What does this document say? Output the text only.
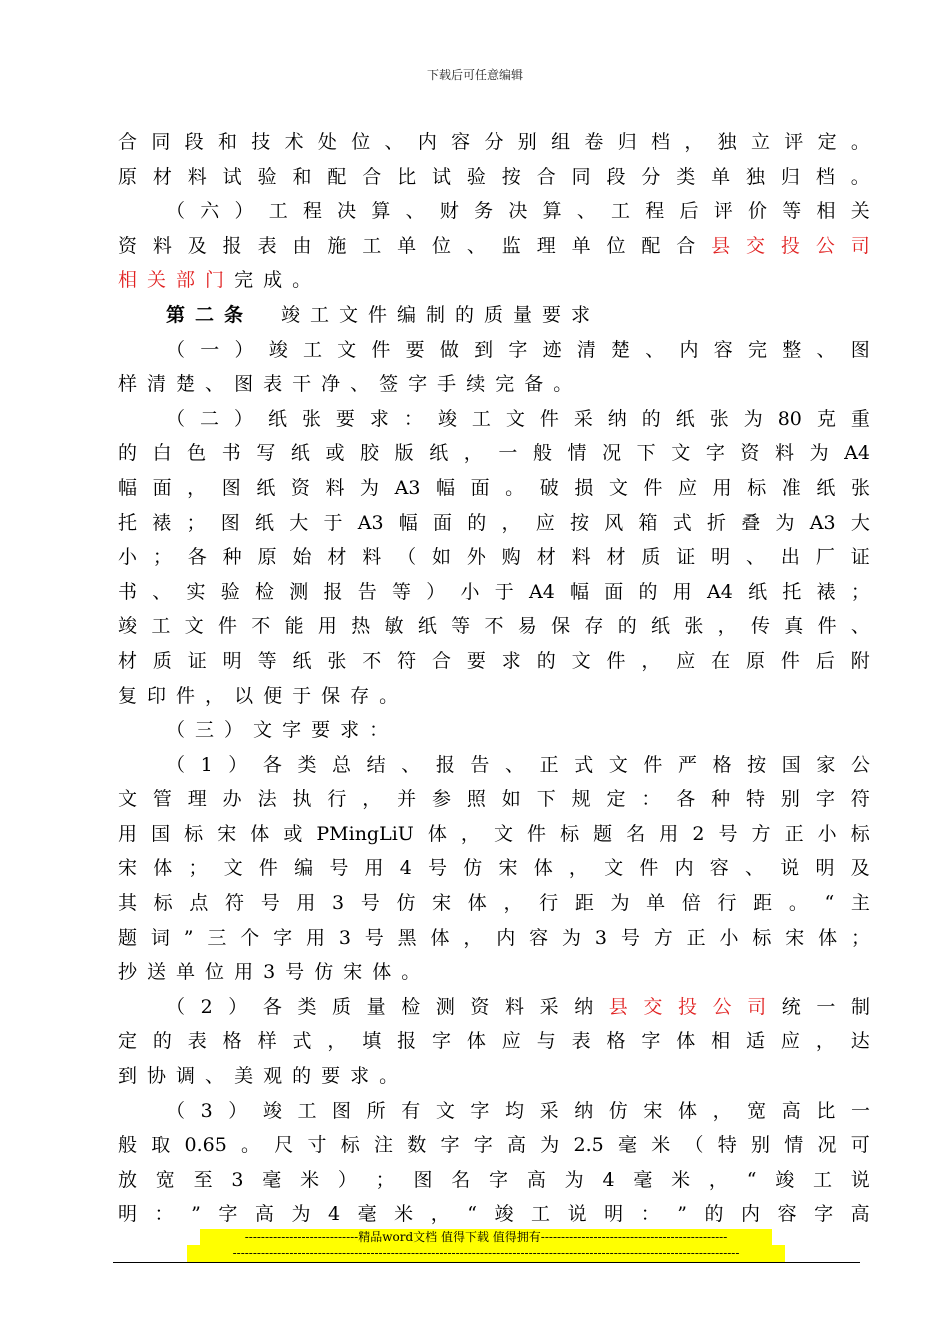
下载后可任意编辑
合 同 段 和 技 术 处 位 、 内 容 分 别 组 卷 归 档 ， 独 立 评 定 。
原 材 料 试 验 和 配 合 比 试 验 按 合 同 段 分 类 单 独 归 档 。
（ 六 ） 工 程 决 算 、 财 务 决 算 、 工 程 后 评 价 等 相 关
资 料 及 报 表 由 施 工 单 位 、 监 理 单 位 配 合 县 交 投 公 司
相 关 部 门 完 成 。
第二条 竣工文件编制的质量要求
（ 一 ） 竣 工 文 件 要 做 到 字 迹 清 楚 、 内 容 完 整 、 图
样 清 楚 、 图 表 干 净 、 签 字 手 续 完 备 。
（ 二 ） 纸 张 要 求 ： 竣 工 文 件 采 纳 的 纸 张 为 80 克 重
的 白 色 书 写 纸 或 胶 版 纸 ， 一 般 情 况 下 文 字 资 料 为 A4
幅 面 ， 图 纸 资 料 为 A3 幅 面 。 破 损 文 件 应 用 标 准 纸 张
托 裱 ； 图 纸 大 于 A3 幅 面 的 ， 应 按 风 箱 式 折 叠 为 A3 大
小 ； 各 种 原 始 材 料 （ 如 外 购 材 料 材 质 证 明 、 出 厂 证
书 、 实 验 检 测 报 告 等 ） 小 于 A4 幅 面 的 用 A4 纸 托 裱 ；
竣 工 文 件 不 能 用 热 敏 纸 等 不 易 保 存 的 纸 张 ， 传 真 件 、
材 质 证 明 等 纸 张 不 符 合 要 求 的 文 件 ， 应 在 原 件 后 附
复 印 件 ， 以 便 于 保 存 。
（ 三 ） 文 字 要 求 ：
（ 1 ） 各 类 总 结 、 报 告 、 正 式 文 件 严 格 按 国 家 公
文 管 理 办 法 执 行 ， 并 参 照 如 下 规 定 ： 各 种 特 别 字 符
用 国 标 宋 体 或 PMingLiU 体 ， 文 件 标 题 名 用 2 号 方 正 小 标
宋 体 ； 文 件 编 号 用 4 号 仿 宋 体 ， 文 件 内 容 、 说 明 及
其 标 点 符 号 用 3 号 仿 宋 体 ， 行 距 为 单 倍 行 距 。 “ 主
题 词 ” 三 个 字 用 3 号 黑 体 ， 内 容 为 3 号 方 正 小 标 宋 体 ；
抄 送 单 位 用 3 号 仿 宋 体 。
（ 2 ） 各 类 质 量 检 测 资 料 采 纳 县 交 投 公 司 统 一 制
定 的 表 格 样 式 ， 填 报 字 体 应 与 表 格 字 体 相 适 应 ， 达
到 协 调 、 美 观 的 要 求 。
（ 3 ） 竣 工 图 所 有 文 字 均 采 纳 仿 宋 体 ， 宽 高 比 一
般 取 0.65 。 尺 寸 标 注 数 字 字 高 为 2.5 毫 米 （ 特 别 情 况 可
放 宽 至 3 毫 米 ） ； 图 名 字 高 为 4 毫 米 ， “ 竣 工 说
明 ： ” 字 高 为 4 毫 米 ， “ 竣 工 说 明 ： ” 的 内 容 字 高
----------------------------精品word文档 值得下载 值得拥有----------------------------------------------
-----------------------------------------------------------------------------------------------------------------------------
